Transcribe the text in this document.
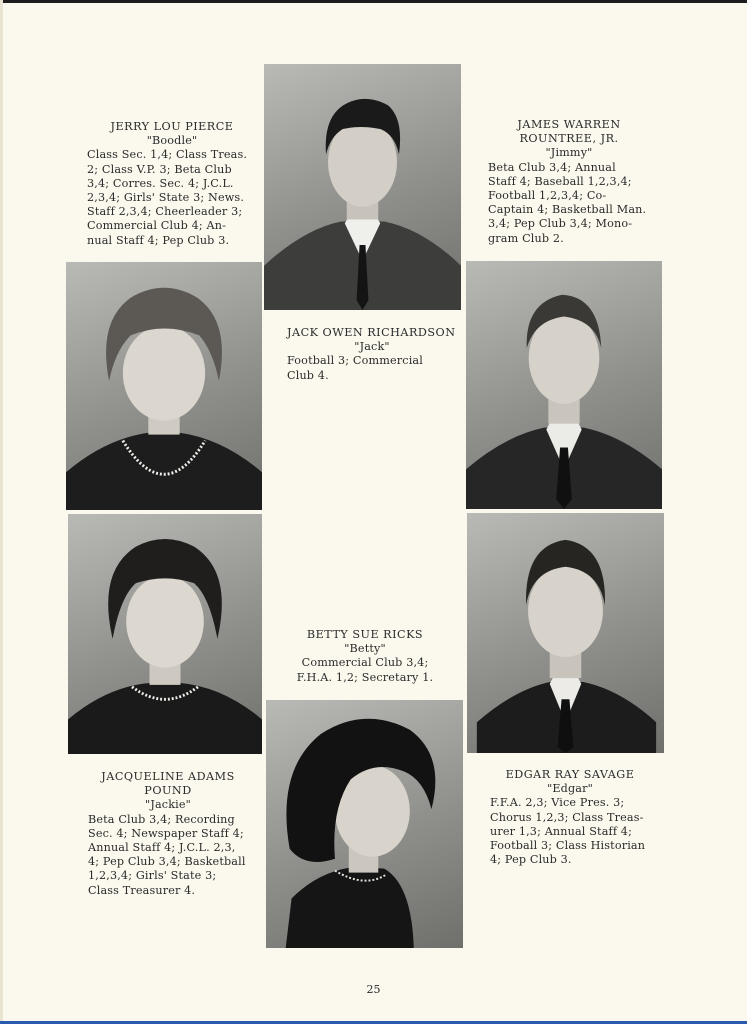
JERRY LOU PIERCE
"Boodle"
Class Sec. 1,4; Class Treas.
2; Class V.P. 3; Beta Club
3,4; Corres. Sec. 4; J.C.L.
2,3,4; Girls' State 3; News.
Staff 2,3,4; Cheerleader 3;
Commercial Club 4; An-
nual Staff 4; Pep Club 3.
JACK OWEN RICHARDSON
"Jack"
Football 3; Commercial
Club 4.
JAMES WARREN
ROUNTREE, JR.
"Jimmy"
Beta Club 3,4; Annual
Staff 4; Baseball 1,2,3,4;
Football 1,2,3,4; Co-
Captain 4; Basketball Man.
3,4; Pep Club 3,4; Mono-
gram Club 2.
JACQUELINE ADAMS
POUND
"Jackie"
Beta Club 3,4; Recording
Sec. 4; Newspaper Staff 4;
Annual Staff 4; J.C.L. 2,3,
4; Pep Club 3,4; Basketball
1,2,3,4; Girls' State 3;
Class Treasurer 4.
BETTY SUE RICKS
"Betty"
Commercial Club 3,4;
F.H.A. 1,2; Secretary 1.
EDGAR RAY SAVAGE
"Edgar"
F.F.A. 2,3; Vice Pres. 3;
Chorus 1,2,3; Class Treas-
urer 1,3; Annual Staff 4;
Football 3; Class Historian
4; Pep Club 3.
25
